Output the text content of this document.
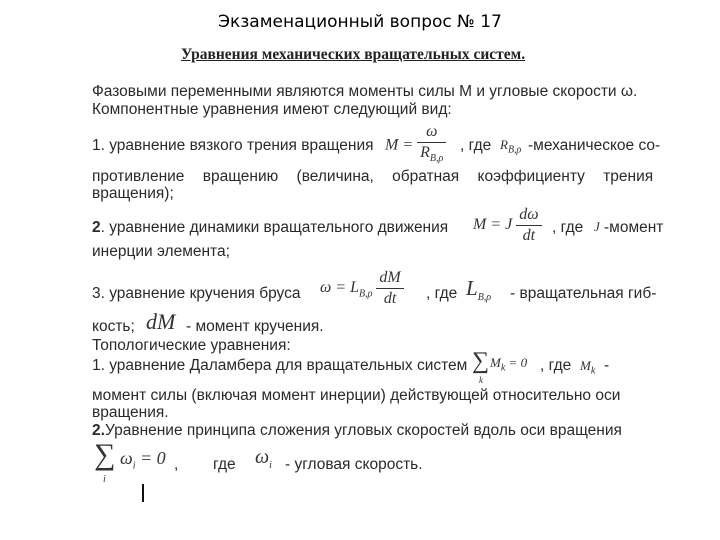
Экзаменационный вопрос № 17
Уравнения механических вращательных систем.
Фазовыми переменными являются моменты силы М и угловые скорости ω.
Компонентные уравнения имеют следующий вид:
1. уравнение вязкого трения вращения $M = \frac{\omega}{R_{B,\rho}}$ , где $R_{B,\rho}$ -механическое со-
противление вращению (величина, обратная коэффициенту трения
вращения);
2. уравнение динамики вращательного движения M = J $\frac{d\omega}{dt}$ , где J -момент
инерции элемента;
3. уравнение кручения бруса $\omega = L_{B,\rho} \frac{dM}{dt}$ , где $L_{B,\rho}$ - вращательная гиб-
кость; dM - момент кручения.
Топологические уравнения:
1. уравнение Даламбера для вращательных систем ∑
k
$M_k = 0$ , где $M_k$ -
момент силы (включая момент инерции) действующей относительно оси
вращения.
2.Уравнение принципа сложения угловых скоростей вдоль оси вращения
∑
i
$\omega_i = 0$ , где $\omega_i$ - угловая скорость.
